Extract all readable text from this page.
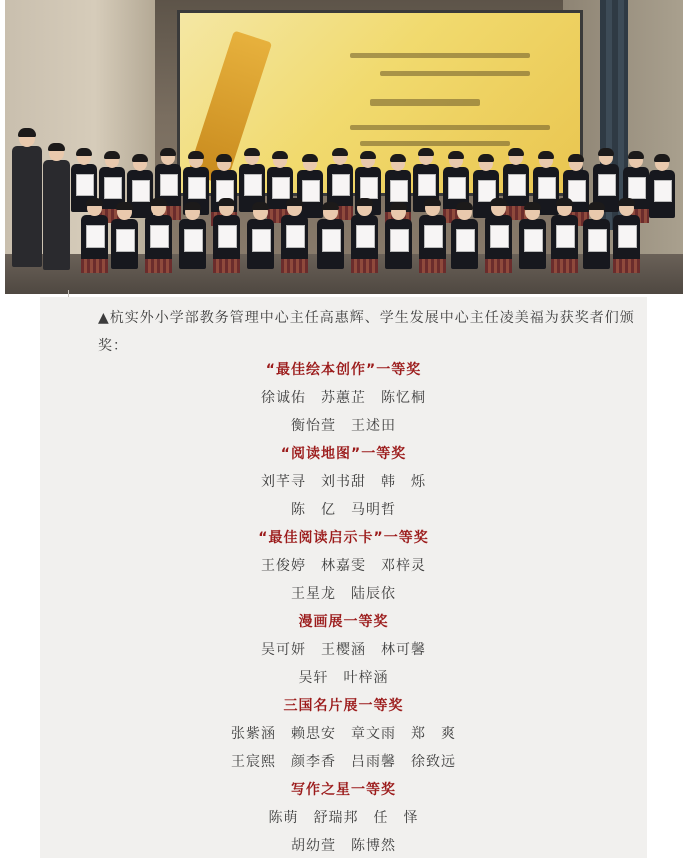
▲杭实外小学部教务管理中心主任高惠辉、学生发展中心主任凌美福为获奖者们颁奖：
“最佳绘本创作”一等奖
徐诚佑　苏蕙芷　陈忆桐
衡怡萱　王述田
“阅读地图”一等奖
刘芊寻　刘书甜　韩　烁
陈　亿　马明哲
“最佳阅读启示卡”一等奖
王俊婷　林嘉雯　邓梓灵
王星龙　陆辰依
漫画展一等奖
吴可妍　王樱涵　林可馨
吴轩　叶梓涵
三国名片展一等奖
张紫涵　赖思安　章文雨　郑　爽
王宸熙　颜李香　吕雨馨　徐致远
写作之星一等奖
陈萌　舒瑞邦　任　怿
胡幼萱　陈博然
